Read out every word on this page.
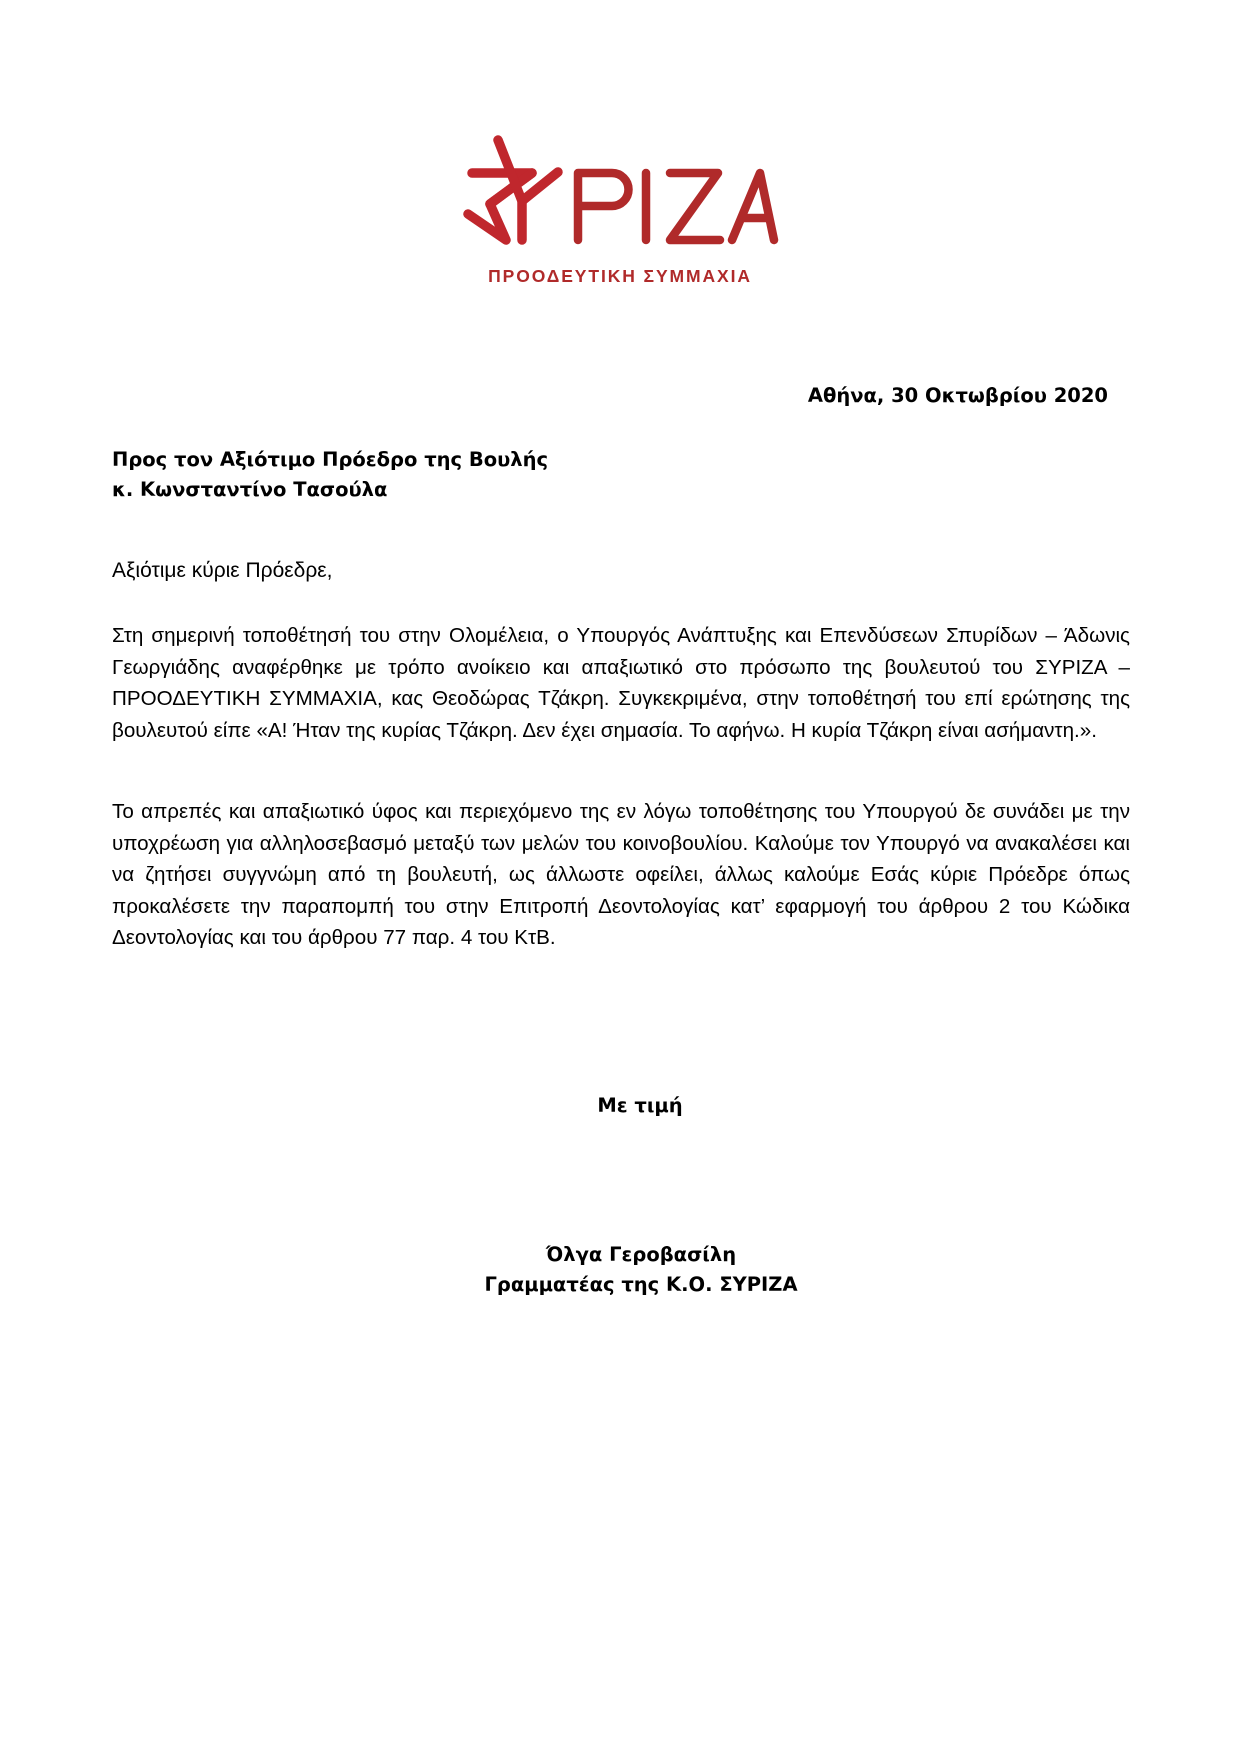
ΠΡΟΟΔΕΥΤΙΚΗ ΣΥΜΜΑΧΙΑ
Αθήνα, 30 Οκτωβρίου 2020
Προς τον Αξιότιμο Πρόεδρο της Βουλής
κ. Κωνσταντίνο Τασούλα
Αξιότιμε κύριε Πρόεδρε,
Στη σημερινή τοποθέτησή του στην Ολομέλεια, ο Υπουργός Ανάπτυξης και Επενδύσεων Σπυρίδων – Άδωνις Γεωργιάδης αναφέρθηκε με τρόπο ανοίκειο και απαξιωτικό στο πρόσωπο της βουλευτού του ΣΥΡΙΖΑ – ΠΡΟΟΔΕΥΤΙΚΗ ΣΥΜΜΑΧΙΑ, κας Θεοδώρας Τζάκρη. Συγκεκριμένα, στην τοποθέτησή του επί ερώτησης της βουλευτού είπε «Α! Ήταν της κυρίας Τζάκρη. Δεν έχει σημασία. Το αφήνω. Η κυρία Τζάκρη είναι ασήμαντη.».
Το απρεπές και απαξιωτικό ύφος και περιεχόμενο της εν λόγω τοποθέτησης του Υπουργού δε συνάδει με την υποχρέωση για αλληλοσεβασμό μεταξύ των μελών του κοινοβουλίου. Καλούμε τον Υπουργό να ανακαλέσει και να ζητήσει συγγνώμη από τη βουλευτή, ως άλλωστε οφείλει, άλλως καλούμε Εσάς κύριε Πρόεδρε όπως προκαλέσετε την παραπομπή του στην Επιτροπή Δεοντολογίας κατ’ εφαρμογή του άρθρου 2 του Κώδικα Δεοντολογίας και του άρθρου 77 παρ. 4 του ΚτΒ.
Με τιμή
Όλγα Γεροβασίλη
Γραμματέας της Κ.Ο. ΣΥΡΙΖΑ
